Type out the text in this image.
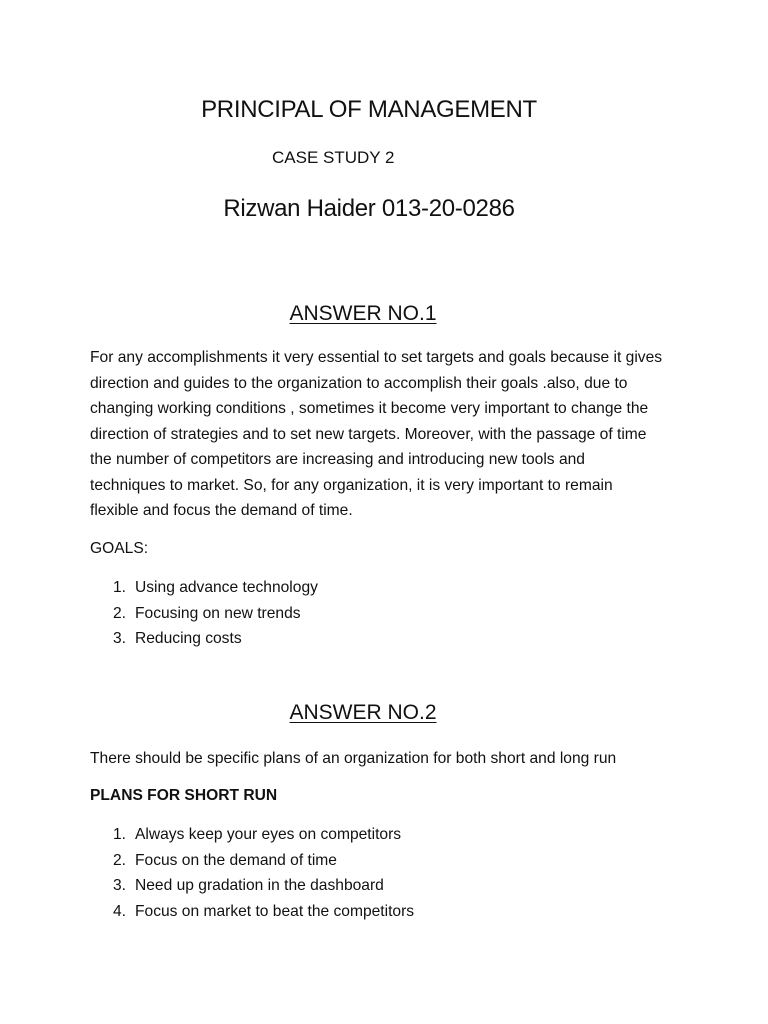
PRINCIPAL OF MANAGEMENT
CASE STUDY 2
Rizwan Haider 013-20-0286
ANSWER NO.1
For any accomplishments it very essential to set targets and goals because it gives
direction and guides to the organization to accomplish their goals .also, due to
changing working conditions , sometimes it become very important to change the
direction of strategies and to set new targets. Moreover, with the passage of time
the number of competitors are increasing and introducing new tools and
techniques to market. So, for any organization, it is very important to remain
flexible and focus the demand of time.
GOALS:
1. Using advance technology
2. Focusing on new trends
3. Reducing costs
ANSWER NO.2
There should be specific plans of an organization for both short and long run
PLANS FOR SHORT RUN
1. Always keep your eyes on competitors
2. Focus on the demand of time
3. Need up gradation in the dashboard
4. Focus on market to beat the competitors
